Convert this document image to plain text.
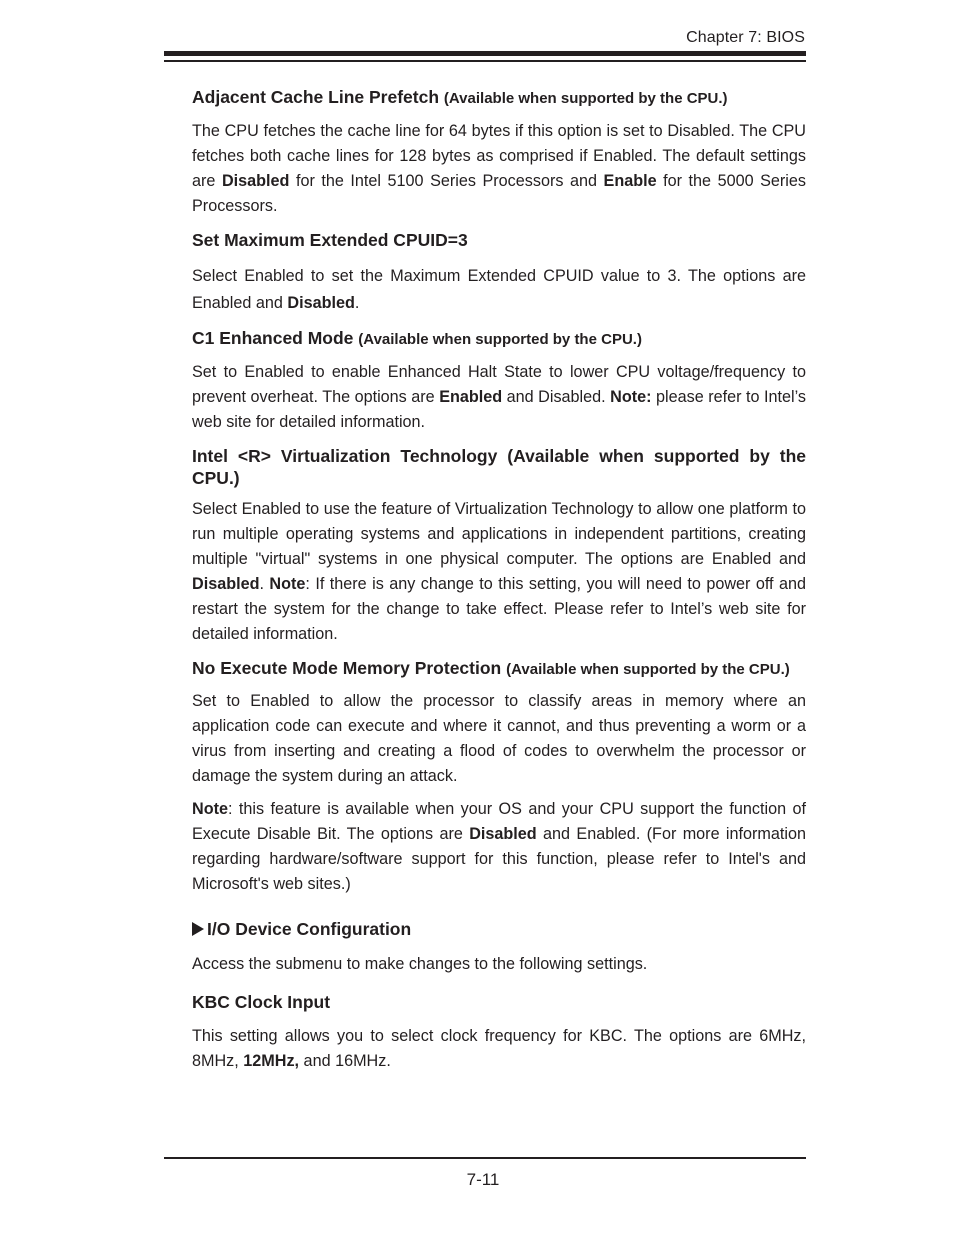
Chapter 7: BIOS
Adjacent Cache Line Prefetch (Available when supported by the CPU.)

The CPU fetches the cache line for 64 bytes if this option is set to Disabled. The CPU fetches both cache lines for 128 bytes as comprised if Enabled. The default settings are Disabled for the Intel 5100 Series Processors and Enable for the 5000 Series Processors.

Set Maximum Extended CPUID=3

Select Enabled to set the Maximum Extended CPUID value to 3. The options are Enabled and Disabled.

C1 Enhanced Mode (Available when supported by the CPU.)

Set to Enabled to enable Enhanced Halt State to lower CPU voltage/frequency to prevent overheat. The options are Enabled and Disabled. Note: please refer to Intel’s web site for detailed information.

Intel <R> Virtualization Technology (Available when supported by the CPU.)

Select Enabled to use the feature of Virtualization Technology to allow one platform to run multiple operating systems and applications in independent partitions, creating multiple "virtual" systems in one physical computer. The options are Enabled and Disabled. Note: If there is any change to this setting, you will need to power off and restart the system for the change to take effect. Please refer to Intel’s web site for detailed information.

No Execute Mode Memory Protection (Available when supported by the CPU.)

Set to Enabled to allow the processor to classify areas in memory where an application code can execute and where it cannot, and thus preventing a worm or a virus from inserting and creating a flood of codes to overwhelm the processor or damage the system during an attack.

Note: this feature is available when your OS and your CPU support the function of Execute Disable Bit. The options are Disabled and Enabled. (For more information regarding hardware/software support for this function, please refer to Intel's and Microsoft's web sites.)

I/O Device Configuration

Access the submenu to make changes to the following settings.

KBC Clock Input

This setting allows you to select clock frequency for KBC. The options are 6MHz, 8MHz, 12MHz, and 16MHz.

7-11
